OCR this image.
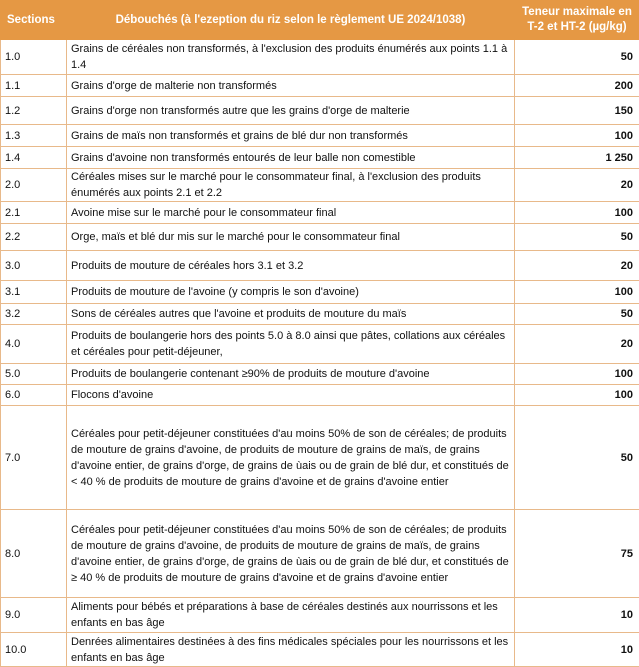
Sections	Débouchés (à l'ezeption du riz selon le règlement UE 2024/1038)	Teneur maximale en
T-2 et HT-2 (µg/kg)
1.0	Grains de céréales non transformés, à l'exclusion des produits énumérés aux points 1.1 à 1.4	50
1.1	Grains d'orge de malterie non transformés	200
1.2	Grains d'orge non transformés autre que les grains d'orge de malterie	150
1.3	Grains de maïs non transformés et grains de blé dur non transformés	100
1.4	Grains d'avoine non transformés entourés de leur balle non comestible	1 250
2.0	Céréales mises sur le marché pour le consommateur final, à l'exclusion des produits énumérés aux points 2.1 et 2.2	20
2.1	Avoine mise sur le marché pour le consommateur final	100
2.2	Orge, maïs et blé dur mis sur le marché pour le consommateur final	50
3.0	Produits de mouture de céréales hors 3.1 et 3.2	20
3.1	Produits de mouture de l'avoine (y compris le son d'avoine)	100
3.2	Sons de céréales autres que l'avoine et produits de mouture du maïs	50
4.0	Produits de boulangerie hors des points 5.0 à 8.0 ainsi que pâtes, collations aux céréales et céréales pour petit-déjeuner,	20
5.0	Produits de boulangerie contenant ≥90% de produits de mouture d'avoine	100
6.0	Flocons d'avoine	100
7.0	Céréales pour petit-déjeuner constituées d'au moins 50% de son de céréales; de produits de mouture de grains d'avoine, de produits de mouture de grains de maïs, de grains d'avoine entier, de grains d'orge, de grains de ùais ou de grain de blé dur, et constitués de < 40 % de produits de mouture de grains d'avoine et de grains d'avoine entier	50
8.0	Céréales pour petit-déjeuner constituées d'au moins 50% de son de céréales; de produits de mouture de grains d'avoine, de produits de mouture de grains de maïs, de grains d'avoine entier, de grains d'orge, de grains de ùais ou de grain de blé dur, et constitués de ≥ 40 % de produits de mouture de grains d'avoine et de grains d'avoine entier	75
9.0	Aliments pour bébés et préparations à base de céréales destinés aux nourrissons et les enfants en bas âge	10
10.0	Denrées alimentaires destinées à des fins médicales spéciales pour les nourrissons et les enfants en bas âge	10
